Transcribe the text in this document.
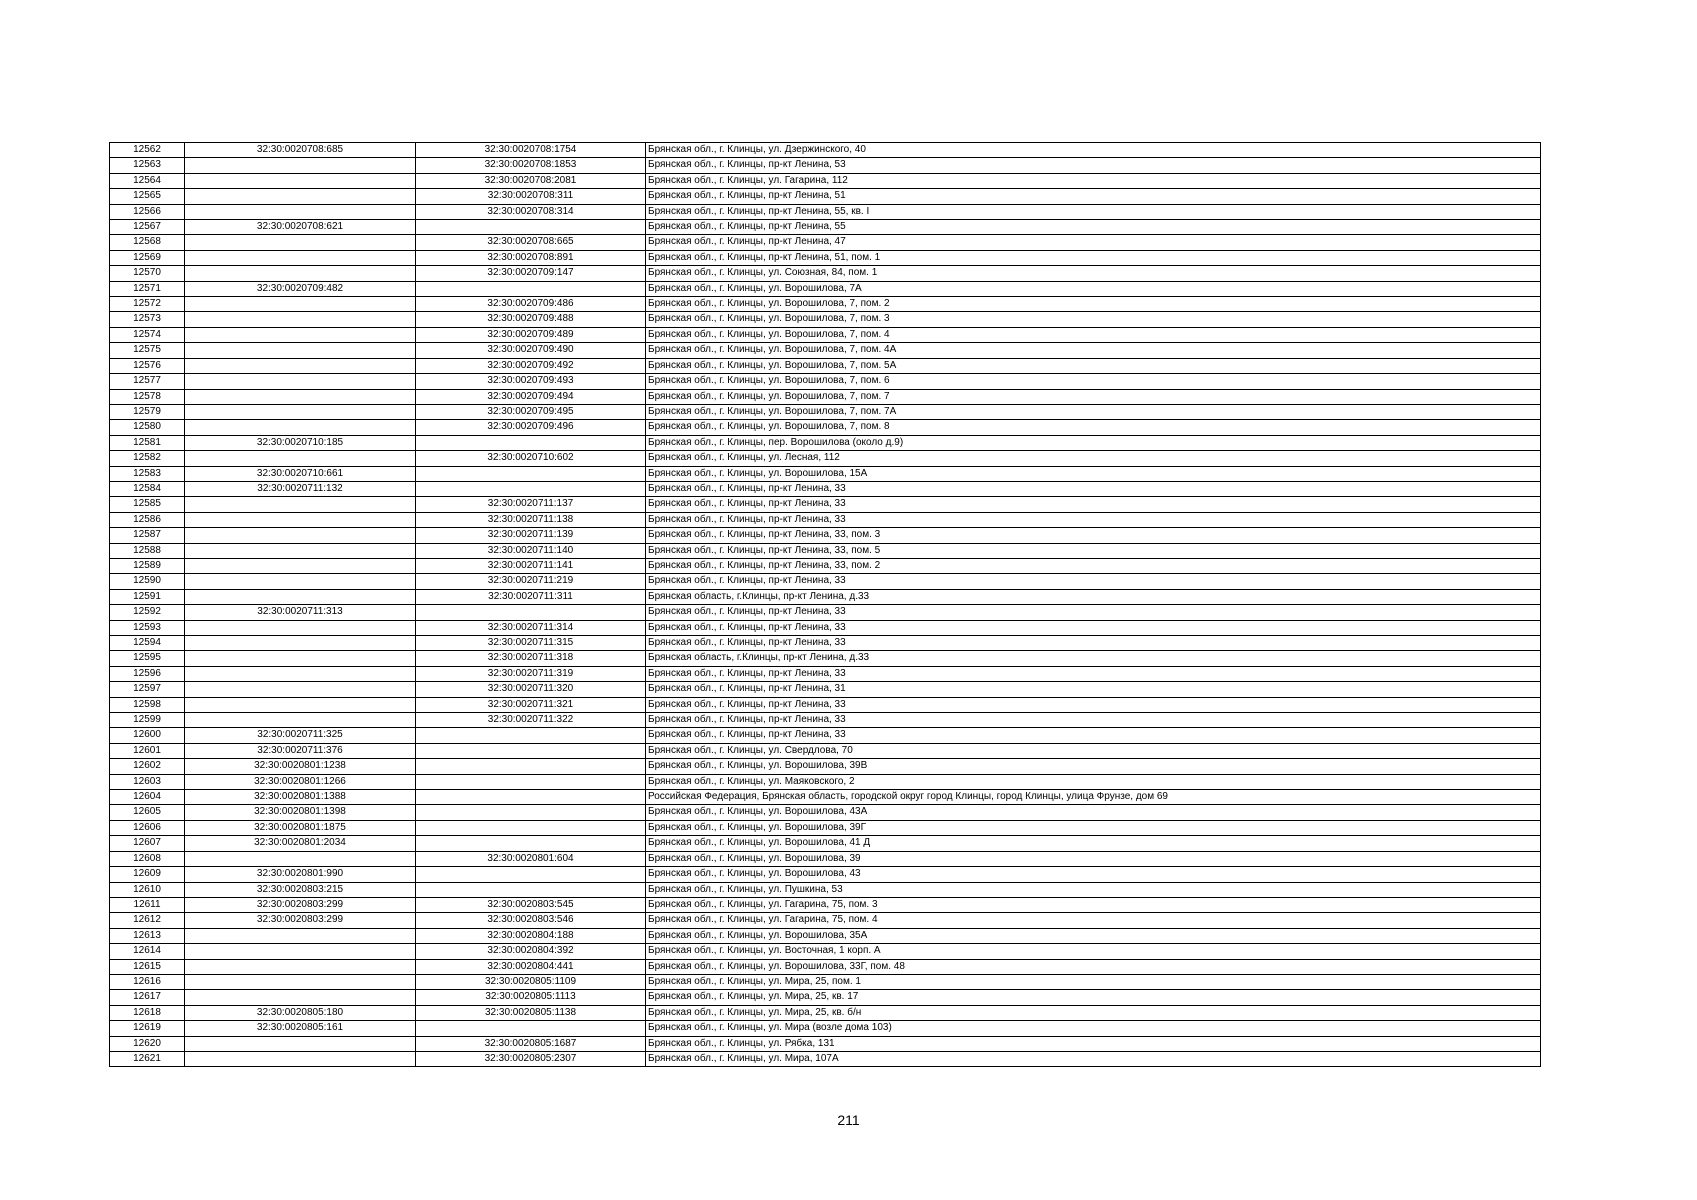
12562	32:30:0020708:685	32:30:0020708:1754	Брянская обл., г. Клинцы, ул. Дзержинского, 40
12563		32:30:0020708:1853	Брянская обл., г. Клинцы, пр-кт Ленина, 53
12564		32:30:0020708:2081	Брянская обл., г. Клинцы, ул. Гагарина, 112
12565		32:30:0020708:311	Брянская обл., г. Клинцы, пр-кт Ленина, 51
12566		32:30:0020708:314	Брянская обл., г. Клинцы, пр-кт Ленина, 55, кв. I
12567	32:30:0020708:621		Брянская обл., г. Клинцы, пр-кт Ленина, 55
12568		32:30:0020708:665	Брянская обл., г. Клинцы, пр-кт Ленина, 47
12569		32:30:0020708:891	Брянская обл., г. Клинцы, пр-кт Ленина, 51, пом. 1
12570		32:30:0020709:147	Брянская обл., г. Клинцы, ул. Союзная, 84, пом. 1
12571	32:30:0020709:482		Брянская обл., г. Клинцы, ул. Ворошилова, 7А
12572		32:30:0020709:486	Брянская обл., г. Клинцы, ул. Ворошилова, 7, пом. 2
12573		32:30:0020709:488	Брянская обл., г. Клинцы, ул. Ворошилова, 7, пом. 3
12574		32:30:0020709:489	Брянская обл., г. Клинцы, ул. Ворошилова, 7, пом. 4
12575		32:30:0020709:490	Брянская обл., г. Клинцы, ул. Ворошилова, 7, пом. 4А
12576		32:30:0020709:492	Брянская обл., г. Клинцы, ул. Ворошилова, 7, пом. 5А
12577		32:30:0020709:493	Брянская обл., г. Клинцы, ул. Ворошилова, 7, пом. 6
12578		32:30:0020709:494	Брянская обл., г. Клинцы, ул. Ворошилова, 7, пом. 7
12579		32:30:0020709:495	Брянская обл., г. Клинцы, ул. Ворошилова, 7, пом. 7А
12580		32:30:0020709:496	Брянская обл., г. Клинцы, ул. Ворошилова, 7, пом. 8
12581	32:30:0020710:185		Брянская обл., г. Клинцы, пер. Ворошилова (около д.9)
12582		32:30:0020710:602	Брянская обл., г. Клинцы, ул. Лесная, 112
12583	32:30:0020710:661		Брянская обл., г. Клинцы, ул. Ворошилова, 15А
12584	32:30:0020711:132		Брянская обл., г. Клинцы, пр-кт Ленина, 33
12585		32:30:0020711:137	Брянская обл., г. Клинцы, пр-кт Ленина, 33
12586		32:30:0020711:138	Брянская обл., г. Клинцы, пр-кт Ленина, 33
12587		32:30:0020711:139	Брянская обл., г. Клинцы, пр-кт Ленина, 33, пом. 3
12588		32:30:0020711:140	Брянская обл., г. Клинцы, пр-кт Ленина, 33, пом. 5
12589		32:30:0020711:141	Брянская обл., г. Клинцы, пр-кт Ленина, 33, пом. 2
12590		32:30:0020711:219	Брянская обл., г. Клинцы, пр-кт Ленина, 33
12591		32:30:0020711:311	Брянская область, г.Клинцы, пр-кт Ленина, д.33
12592	32:30:0020711:313		Брянская обл., г. Клинцы, пр-кт Ленина, 33
12593		32:30:0020711:314	Брянская обл., г. Клинцы, пр-кт Ленина, 33
12594		32:30:0020711:315	Брянская обл., г. Клинцы, пр-кт Ленина, 33
12595		32:30:0020711:318	Брянская область, г.Клинцы, пр-кт Ленина, д.33
12596		32:30:0020711:319	Брянская обл., г. Клинцы, пр-кт Ленина, 33
12597		32:30:0020711:320	Брянская обл., г. Клинцы, пр-кт Ленина, 31
12598		32:30:0020711:321	Брянская обл., г. Клинцы, пр-кт Ленина, 33
12599		32:30:0020711:322	Брянская обл., г. Клинцы, пр-кт Ленина, 33
12600	32:30:0020711:325		Брянская обл., г. Клинцы, пр-кт Ленина, 33
12601	32:30:0020711:376		Брянская обл., г. Клинцы, ул. Свердлова, 70
12602	32:30:0020801:1238		Брянская обл., г. Клинцы, ул. Ворошилова, 39В
12603	32:30:0020801:1266		Брянская обл., г. Клинцы, ул. Маяковского, 2
12604	32:30:0020801:1388		Российская Федерация, Брянская область, городской округ город Клинцы, город Клинцы, улица Фрунзе, дом 69
12605	32:30:0020801:1398		Брянская обл., г. Клинцы, ул. Ворошилова, 43А
12606	32:30:0020801:1875		Брянская обл., г. Клинцы, ул. Ворошилова, 39Г
12607	32:30:0020801:2034		Брянская обл., г. Клинцы, ул. Ворошилова, 41 Д
12608		32:30:0020801:604	Брянская обл., г. Клинцы, ул. Ворошилова, 39
12609	32:30:0020801:990		Брянская обл., г. Клинцы, ул. Ворошилова, 43
12610	32:30:0020803:215		Брянская обл., г. Клинцы, ул. Пушкина, 53
12611	32:30:0020803:299	32:30:0020803:545	Брянская обл., г. Клинцы, ул. Гагарина, 75, пом. 3
12612	32:30:0020803:299	32:30:0020803:546	Брянская обл., г. Клинцы, ул. Гагарина, 75, пом. 4
12613		32:30:0020804:188	Брянская обл., г. Клинцы, ул. Ворошилова, 35А
12614		32:30:0020804:392	Брянская обл., г. Клинцы, ул. Восточная, 1 корп. А
12615		32:30:0020804:441	Брянская обл., г. Клинцы, ул. Ворошилова, 33Г, пом. 48
12616		32:30:0020805:1109	Брянская обл., г. Клинцы, ул. Мира, 25, пом. 1
12617		32:30:0020805:1113	Брянская обл., г. Клинцы, ул. Мира, 25, кв. 17
12618	32:30:0020805:180	32:30:0020805:1138	Брянская обл., г. Клинцы, ул. Мира, 25, кв. б/н
12619	32:30:0020805:161		Брянская обл., г. Клинцы, ул. Мира (возле дома 103)
12620		32:30:0020805:1687	Брянская обл., г. Клинцы, ул. Рябка, 131
12621		32:30:0020805:2307	Брянская обл., г. Клинцы, ул. Мира, 107А
211
